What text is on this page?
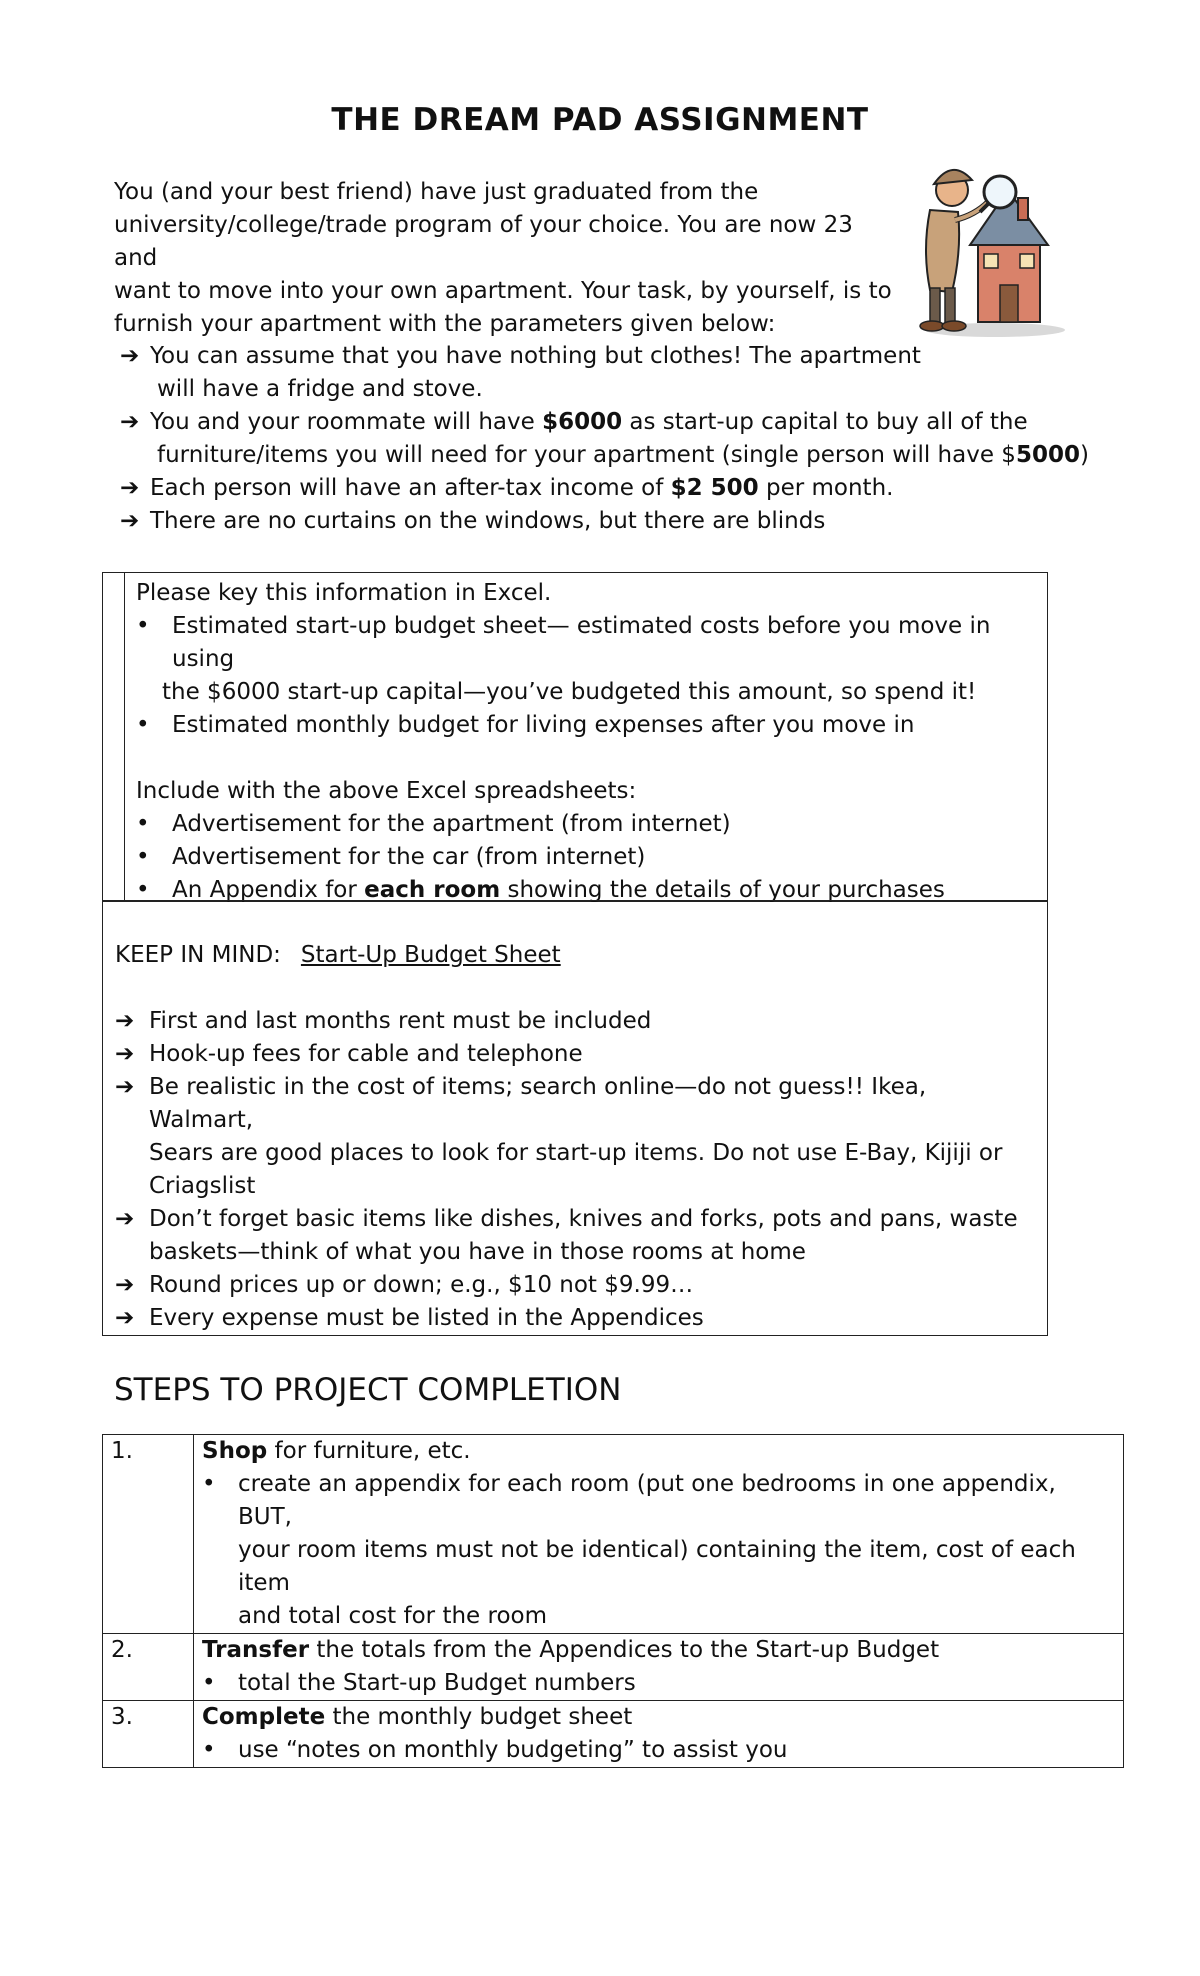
THE DREAM PAD ASSIGNMENT

You (and your best friend) have just graduated from the

university/college/trade program of your choice. You are now 23 and

want to move into your own apartment. Your task, by yourself, is to

furnish your apartment with the parameters given below:

➔ You can assume that you have nothing but clothes! The apartment
will have a fridge and stove.
➔ You and your roommate will have $6000 as start-up capital to buy all of the
furniture/items you will need for your apartment (single person will have $5000)
➔ Each person will have an after-tax income of $2 500 per month.
➔ There are no curtains on the windows, but there are blinds
Please key this information in Excel.
• Estimated start-up budget sheet— estimated costs before you move in using
the $6000 start-up capital—you’ve budgeted this amount, so spend it!
• Estimated monthly budget for living expenses after you move in
Include with the above Excel spreadsheets:
• Advertisement for the apartment (from internet)
• Advertisement for the car (from internet)
• An Appendix for each room showing the details of your purchases
KEEP IN MIND: Start-Up Budget Sheet
➔ First and last months rent must be included
➔ Hook-up fees for cable and telephone
➔ Be realistic in the cost of items; search online—do not guess!! Ikea, Walmart,
Sears are good places to look for start-up items. Do not use E-Bay, Kijiji or
Criagslist
➔ Don’t forget basic items like dishes, knives and forks, pots and pans, waste
baskets—think of what you have in those rooms at home
➔ Round prices up or down; e.g., $10 not $9.99…
➔ Every expense must be listed in the Appendices
STEPS TO PROJECT COMPLETION
1.	Shop for furniture, etc.
• create an appendix for each room (put one bedrooms in one appendix, BUT,
your room items must not be identical) containing the item, cost of each item
and total cost for the room

2.	Transfer the totals from the Appendices to the Start-up Budget
• total the Start-up Budget numbers

3.	Complete the monthly budget sheet
• use “notes on monthly budgeting” to assist you
